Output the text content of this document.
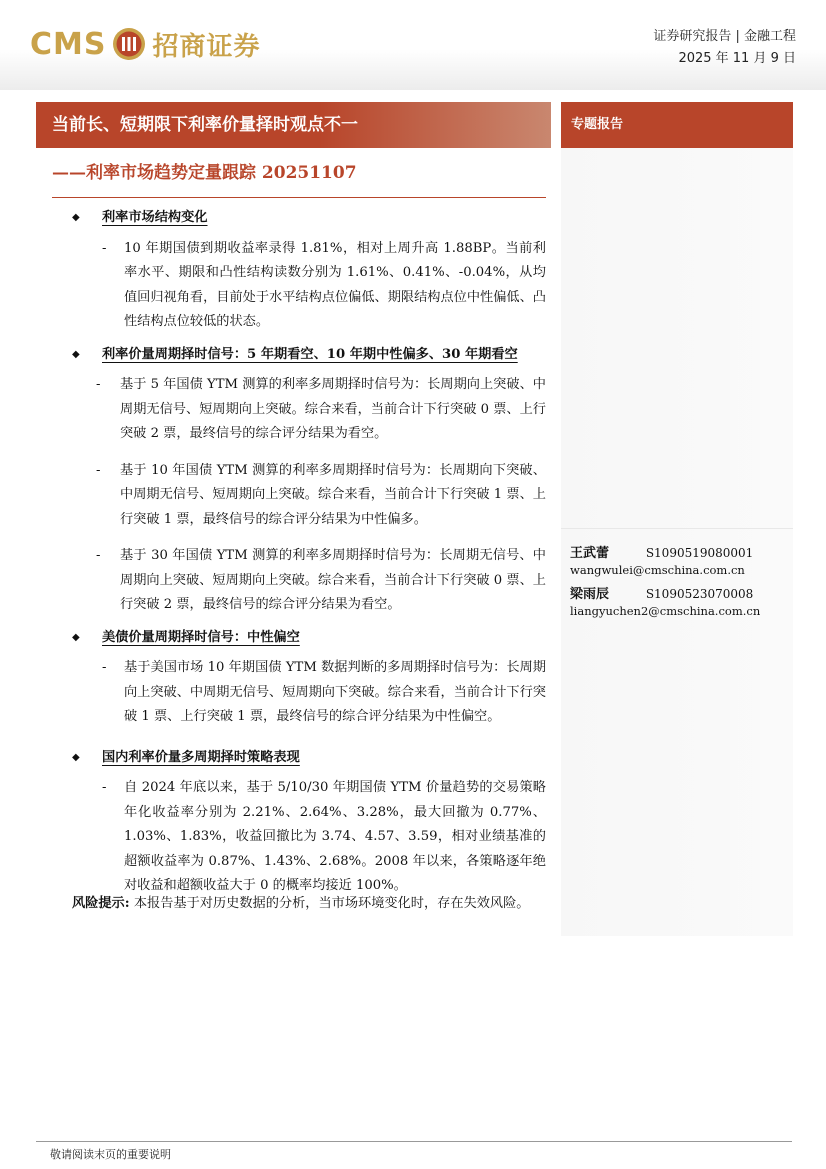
CMS 招商证券	证券研究报告 | 金融工程
2025 年 11 月 9 日
当前长、短期限下利率价量择时观点不一
——利率市场趋势定量跟踪 20251107
专题报告
王武蕾	S1090519080001
wangwulei@cmschina.com.cn
梁雨辰	S1090523070008
liangyuchen2@cmschina.com.cn
◆ 利率市场结构变化
- 10 年期国债到期收益率录得 1.81%，相对上周升高 1.88BP。当前利率水平、期限和凸性结构读数分别为 1.61%、0.41%、-0.04%，从均值回归视角看，目前处于水平结构点位偏低、期限结构点位中性偏低、凸性结构点位较低的状态。
◆ 利率价量周期择时信号：5 年期看空、10 年期中性偏多、30 年期看空
- 基于 5 年国债 YTM 测算的利率多周期择时信号为：长周期向上突破、中周期无信号、短周期向上突破。综合来看，当前合计下行突破 0 票、上行突破 2 票，最终信号的综合评分结果为看空。
- 基于 10 年国债 YTM 测算的利率多周期择时信号为：长周期向下突破、中周期无信号、短周期向上突破。综合来看，当前合计下行突破 1 票、上行突破 1 票，最终信号的综合评分结果为中性偏多。
- 基于 30 年国债 YTM 测算的利率多周期择时信号为：长周期无信号、中周期向上突破、短周期向上突破。综合来看，当前合计下行突破 0 票、上行突破 2 票，最终信号的综合评分结果为看空。
◆ 美债价量周期择时信号：中性偏空
- 基于美国市场 10 年期国债 YTM 数据判断的多周期择时信号为：长周期向上突破、中周期无信号、短周期向下突破。综合来看，当前合计下行突破 1 票、上行突破 1 票，最终信号的综合评分结果为中性偏空。
◆ 国内利率价量多周期择时策略表现
- 自 2024 年底以来，基于 5/10/30 年期国债 YTM 价量趋势的交易策略年化收益率分别为 2.21%、2.64%、3.28%，最大回撤为 0.77%、1.03%、1.83%，收益回撤比为 3.74、4.57、3.59，相对业绩基准的超额收益率为 0.87%、1.43%、2.68%。2008 年以来，各策略逐年绝对收益和超额收益大于 0 的概率均接近 100%。
风险提示: 本报告基于对历史数据的分析，当市场环境变化时，存在失效风险。
敬请阅读末页的重要说明
